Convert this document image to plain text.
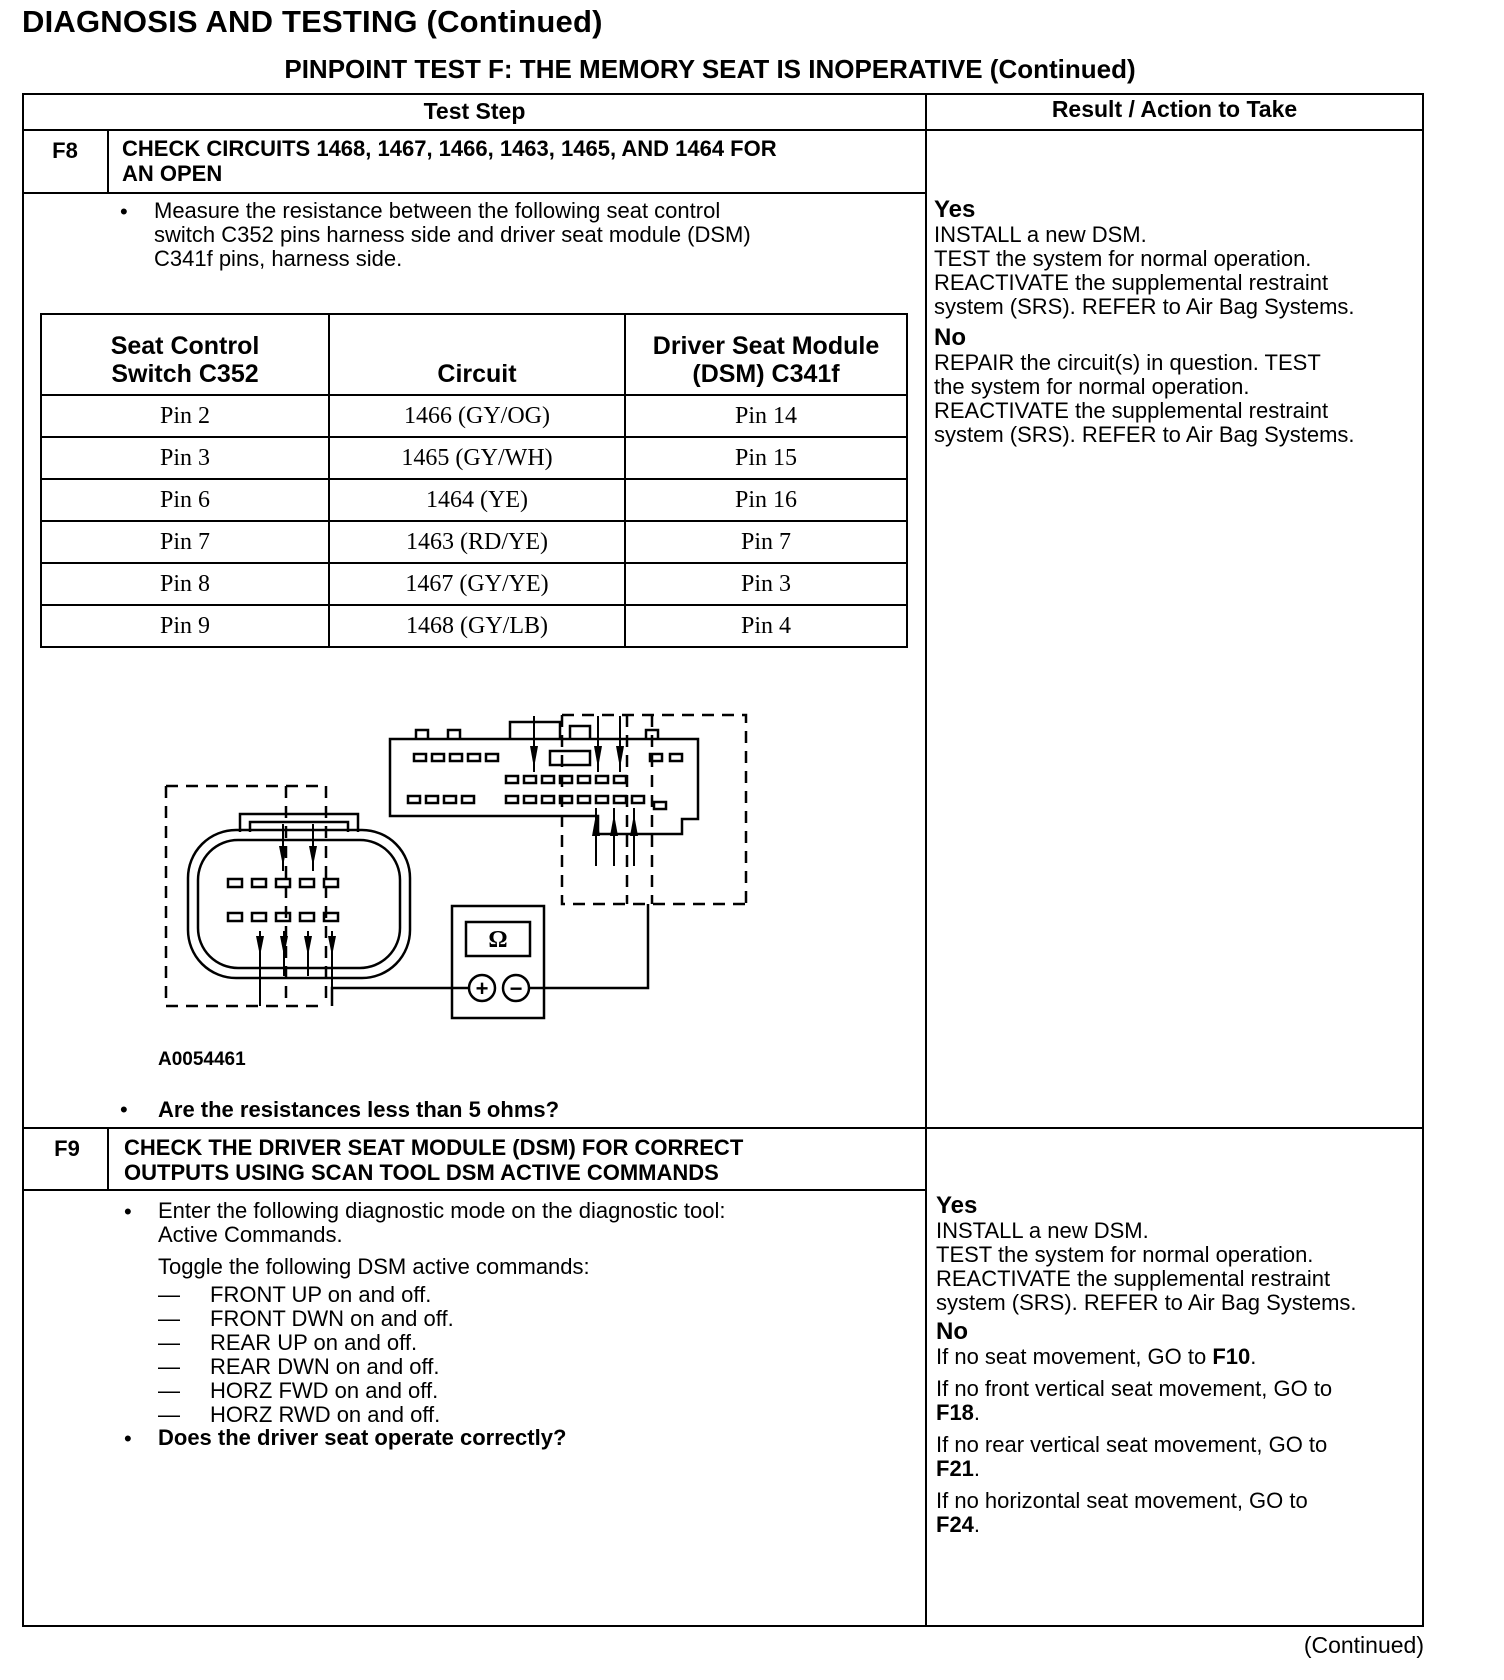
DIAGNOSIS AND TESTING (Continued)
PINPOINT TEST F: THE MEMORY SEAT IS INOPERATIVE (Continued)
Test Step	Result / Action to Take
F8	CHECK CIRCUITS 1468, 1467, 1466, 1463, 1465, AND 1464 FOR
AN OPEN
• Measure the resistance between the following seat control
switch C352 pins harness side and driver seat module (DSM)
C341f pins, harness side.
Yes
INSTALL a new DSM.
TEST the system for normal operation.
REACTIVATE the supplemental restraint
system (SRS). REFER to Air Bag Systems.
No
REPAIR the circuit(s) in question. TEST
the system for normal operation.
REACTIVATE the supplemental restraint
system (SRS). REFER to Air Bag Systems.
F9	CHECK THE DRIVER SEAT MODULE (DSM) FOR CORRECT
OUTPUTS USING SCAN TOOL DSM ACTIVE COMMANDS
• Enter the following diagnostic mode on the diagnostic tool:
Active Commands.
Toggle the following DSM active commands:
— FRONT UP on and off.
— FRONT DWN on and off.
— REAR UP on and off.
— REAR DWN on and off.
— HORZ FWD on and off.
— HORZ RWD on and off.
• Does the driver seat operate correctly?
Yes
INSTALL a new DSM.
TEST the system for normal operation.
REACTIVATE the supplemental restraint
system (SRS). REFER to Air Bag Systems.
No
If no seat movement, GO to F10.
If no front vertical seat movement, GO to
F18.
If no rear vertical seat movement, GO to
F21.
If no horizontal seat movement, GO to
F24.
Seat Control
Switch C352	Circuit	Driver Seat Module
(DSM) C341f
Pin 2	1466 (GY/OG)	Pin 14
Pin 3	1465 (GY/WH)	Pin 15
Pin 6	1464 (YE)	Pin 16
Pin 7	1463 (RD/YE)	Pin 7
Pin 8	1467 (GY/YE)	Pin 3
Pin 9	1468 (GY/LB)	Pin 4
Ω
+ −
A0054461
• Are the resistances less than 5 ohms?
(Continued)
